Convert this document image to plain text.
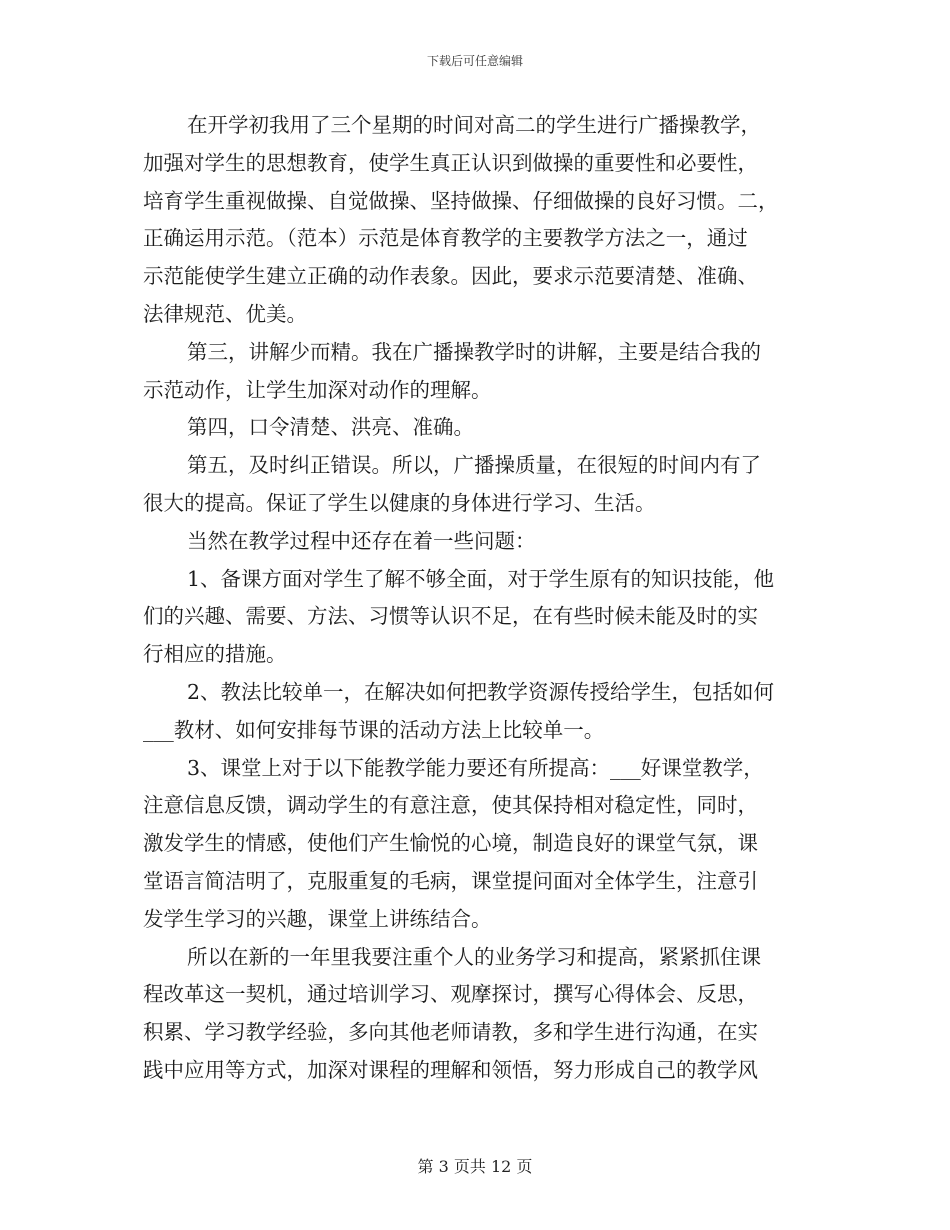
下载后可任意编辑
在开学初我用了三个星期的时间对高二的学生进行广播操教学，
加强对学生的思想教育，使学生真正认识到做操的重要性和必要性，
培育学生重视做操、自觉做操、坚持做操、仔细做操的良好习惯。二，
正确运用示范。（范本）示范是体育教学的主要教学方法之一，通过
示范能使学生建立正确的动作表象。因此，要求示范要清楚、准确、
法律规范、优美。
第三，讲解少而精。我在广播操教学时的讲解，主要是结合我的
示范动作，让学生加深对动作的理解。
第四，口令清楚、洪亮、准确。
第五，及时纠正错误。所以，广播操质量，在很短的时间内有了
很大的提高。保证了学生以健康的身体进行学习、生活。
当然在教学过程中还存在着一些问题：
1、备课方面对学生了解不够全面，对于学生原有的知识技能，他
们的兴趣、需要、方法、习惯等认识不足，在有些时候未能及时的实
行相应的措施。
2、教法比较单一，在解决如何把教学资源传授给学生，包括如何
___教材、如何安排每节课的活动方法上比较单一。
3、课堂上对于以下能教学能力要还有所提高：___好课堂教学，
注意信息反馈，调动学生的有意注意，使其保持相对稳定性，同时，
激发学生的情感，使他们产生愉悦的心境，制造良好的课堂气氛，课
堂语言简洁明了，克服重复的毛病，课堂提问面对全体学生，注意引
发学生学习的兴趣，课堂上讲练结合。
所以在新的一年里我要注重个人的业务学习和提高，紧紧抓住课
程改革这一契机，通过培训学习、观摩探讨，撰写心得体会、反思，
积累、学习教学经验，多向其他老师请教，多和学生进行沟通，在实
践中应用等方式，加深对课程的理解和领悟，努力形成自己的教学风
第 3 页共 12 页
